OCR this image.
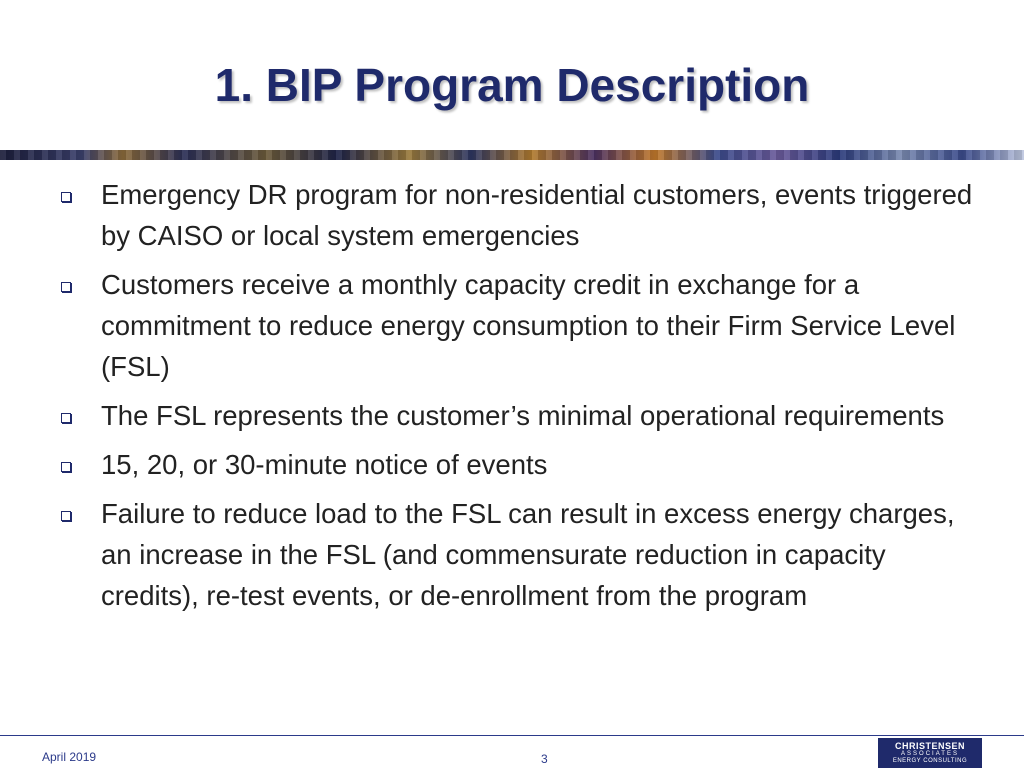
1. BIP Program Description
Emergency DR program for non-residential customers, events triggered by CAISO or local system emergencies
Customers receive a monthly capacity credit in exchange for a commitment to reduce energy consumption to their Firm Service Level (FSL)
The FSL represents the customer’s minimal operational requirements
15, 20, or 30-minute notice of events
Failure to reduce load to the FSL can result in excess energy charges, an increase in the FSL (and commensurate reduction in capacity credits), re-test events, or de-enrollment from the program
April 2019	3
CHRISTENSEN
ASSOCIATES
ENERGY CONSULTING
